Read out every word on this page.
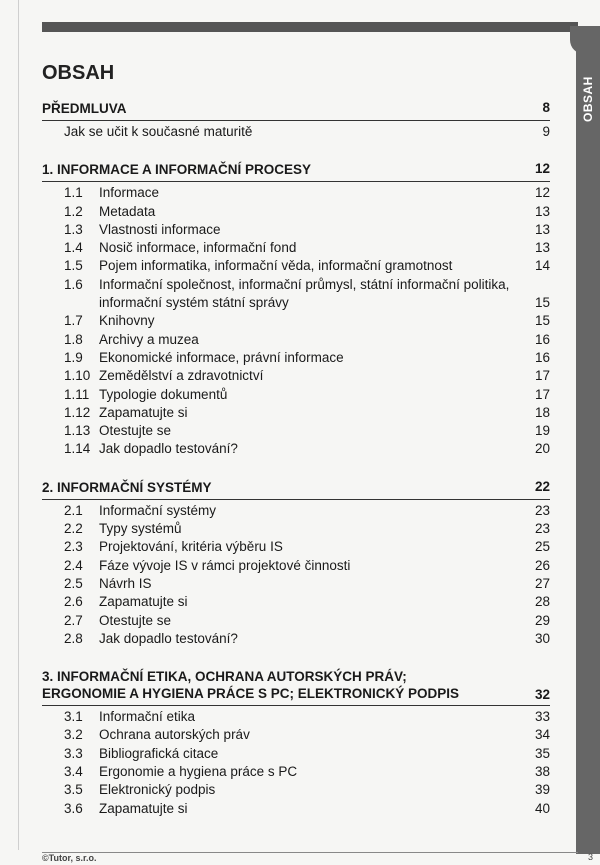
OBSAH
OBSAH
PŘEDMLUVA	8
Jak se učit k současné maturitě	9
1. INFORMACE A INFORMAČNÍ PROCESY	12
1.1	Informace	12
1.2	Metadata	13
1.3	Vlastnosti informace	13
1.4	Nosič informace, informační fond	13
1.5	Pojem informatika, informační věda, informační gramotnost	14
1.6	Informační společnost, informační průmysl, státní informační politika, informační systém státní správy	15
1.7	Knihovny	15
1.8	Archivy a muzea	16
1.9	Ekonomické informace, právní informace	16
1.10 Zemědělství a zdravotnictví	17
1.11 Typologie dokumentů	17
1.12 Zapamatujte si	18
1.13 Otestujte se	19
1.14 Jak dopadlo testování?	20
2. INFORMAČNÍ SYSTÉMY	22
2.1	Informační systémy	23
2.2	Typy systémů	23
2.3	Projektování, kritéria výběru IS	25
2.4	Fáze vývoje IS v rámci projektové činnosti	26
2.5	Návrh IS	27
2.6	Zapamatujte si	28
2.7	Otestujte se	29
2.8	Jak dopadlo testování?	30
3. INFORMAČNÍ ETIKA, OCHRANA AUTORSKÝCH PRÁV;
ERGONOMIE A HYGIENA PRÁCE S PC; ELEKTRONICKÝ PODPIS	32
3.1	Informační etika	33
3.2	Ochrana autorských práv	34
3.3	Bibliografická citace	35
3.4	Ergonomie a hygiena práce s PC	38
3.5	Elektronický podpis	39
3.6	Zapamatujte si	40
©Tutor, s.r.o.	3
